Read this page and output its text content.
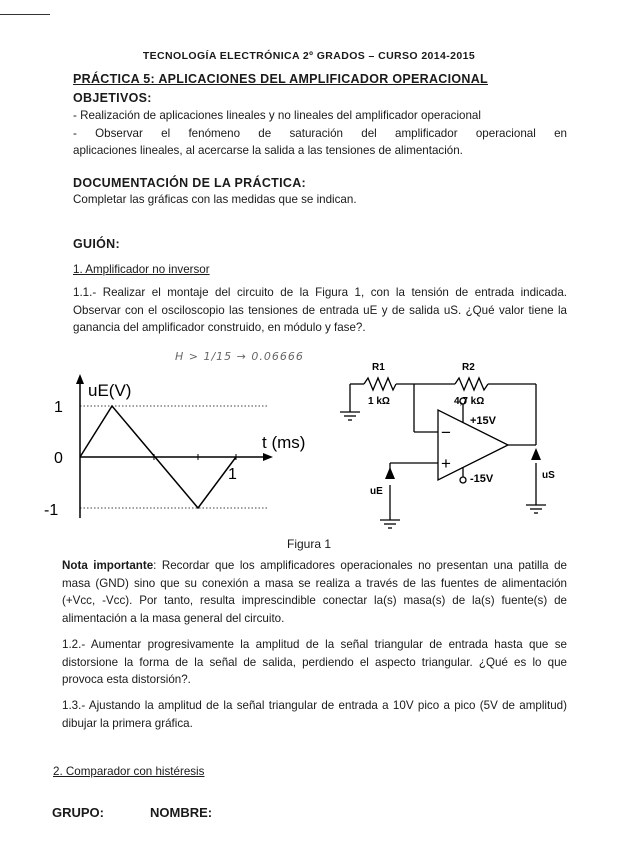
TECNOLOGÍA ELECTRÓNICA 2º GRADOS – CURSO 2014-2015
PRÁCTICA 5: APLICACIONES DEL AMPLIFICADOR OPERACIONAL
OBJETIVOS:
- Realización de aplicaciones lineales y no lineales del amplificador operacional
- Observar el fenómeno de saturación del amplificador operacional en
aplicaciones lineales, al acercarse la salida a las tensiones de alimentación.
DOCUMENTACIÓN DE LA PRÁCTICA:
Completar las gráficas con las medidas que se indican.
GUIÓN:
1. Amplificador no inversor
1.1.- Realizar el montaje del circuito de la Figura 1, con la tensión de entrada indicada. Observar con el osciloscopio las tensiones de entrada uE y de salida uS. ¿Qué valor tiene la ganancia del amplificador construido, en módulo y fase?.
H > 1/15 → 0.06666
uE(V)
1
0
-1
t (ms)
1
R1
1 kΩ
R2
4,7 kΩ
+15V
-15V
−
+
uE
uS
Figura 1
Nota importante: Recordar que los amplificadores operacionales no presentan una patilla de masa (GND) sino que su conexión a masa se realiza a través de las fuentes de alimentación (+Vcc, -Vcc). Por tanto, resulta imprescindible conectar la(s) masa(s) de la(s) fuente(s) de alimentación a la masa general del circuito.
1.2.- Aumentar progresivamente la amplitud de la señal triangular de entrada hasta que se distorsione la forma de la señal de salida, perdiendo el aspecto triangular. ¿Qué es lo que provoca esta distorsión?.
1.3.- Ajustando la amplitud de la señal triangular de entrada a 10V pico a pico (5V de amplitud) dibujar la primera gráfica.
2. Comparador con histéresis
GRUPO:	NOMBRE:
